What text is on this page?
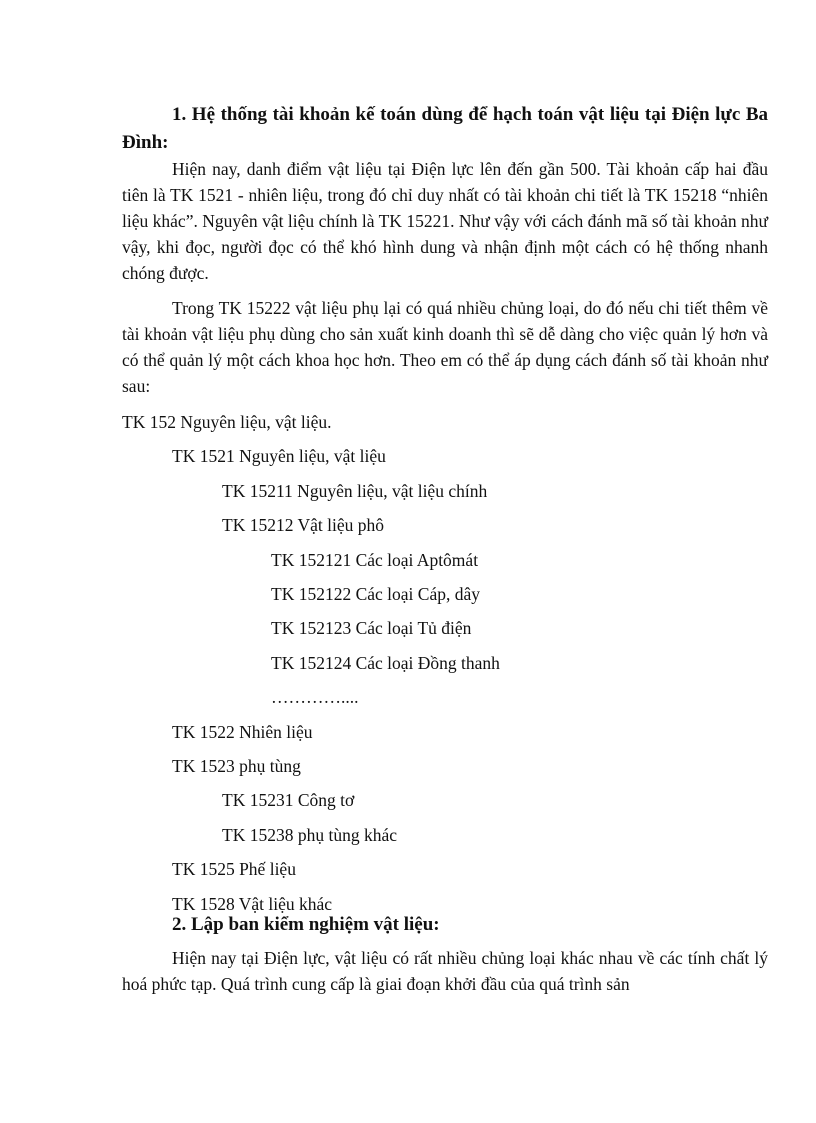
1. Hệ thống tài khoản kế toán dùng để hạch toán vật liệu tại Điện lực Ba Đình:

Hiện nay, danh điểm vật liệu tại Điện lực lên đến gần 500. Tài khoản cấp hai đầu tiên là TK 1521 - nhiên liệu, trong đó chỉ duy nhất có tài khoản chi tiết là TK 15218 “nhiên liệu khác”. Nguyên vật liệu chính là TK 15221. Như vậy với cách đánh mã số tài khoản như vậy, khi đọc, người đọc có thể khó hình dung và nhận định một cách có hệ thống nhanh chóng được.

Trong TK 15222 vật liệu phụ lại có quá nhiều chủng loại, do đó nếu chi tiết thêm về tài khoản vật liệu phụ dùng cho sản xuất kinh doanh thì sẽ dễ dàng cho việc quản lý hơn và có thể quản lý một cách khoa học hơn. Theo em có thể áp dụng cách đánh số tài khoản như sau:

TK 152 Nguyên liệu, vật liệu.
TK 1521 Nguyên liệu, vật liệu
TK 15211 Nguyên liệu, vật liệu chính
TK 15212 Vật liệu phô
TK 152121 Các loại Aptômát
TK 152122 Các loại Cáp, dây
TK 152123 Các loại Tủ điện
TK 152124 Các loại Đồng thanh
…………....
TK 1522 Nhiên liệu
TK 1523 phụ tùng
TK 15231 Công tơ
TK 15238 phụ tùng khác
TK 1525 Phế liệu
TK 1528 Vật liệu khác
2. Lập ban kiểm nghiệm vật liệu:

Hiện nay tại Điện lực, vật liệu có rất nhiều chủng loại khác nhau về các tính chất lý hoá phức tạp. Quá trình cung cấp là giai đoạn khởi đầu của quá trình sản
